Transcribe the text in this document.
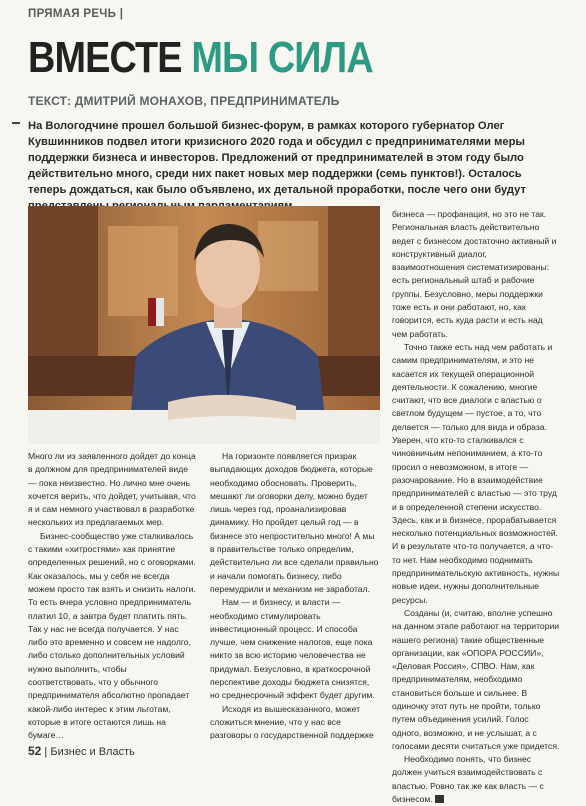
ПРЯМАЯ РЕЧЬ |
ВМЕСТЕ МЫ СИЛА
ТЕКСТ: ДМИТРИЙ МОНАХОВ, ПРЕДПРИНИМАТЕЛЬ
На Вологодчине прошел большой бизнес-форум, в рамках которого губернатор Олег Кувшинников подвел итоги кризисного 2020 года и обсудил с предпринимателями меры поддержки бизнеса и инвесторов. Предложений от предпринимателей в этом году было действительно много, среди них пакет новых мер поддержки (семь пунктов!). Осталось теперь дождаться, как было объявлено, их детальной проработки, после чего они будут

Много ли из заявленного дойдет до конца в должном для предпринимателей виде — пока неизвестно. Но лично мне очень хочется верить, что дойдет, учитывая, что я и сам немного участвовал в разработке нескольких из предлагаемых мер.

Бизнес-сообщество уже сталкивалось с такими «хитростями» как принятие определенных решений, но с оговорками. Как оказалось, мы у себя не всегда можем просто так взять и снизить налоги. То есть вчера условно предприниматель платил 10, а завтра будет платить пять. Так у нас не всегда получается. У нас либо это временно и совсем не надолго, либо столько дополнительных условий нужно выполнить, чтобы соответствовать, что у обычного предпринимателя абсолютно пропадает какой-либо интерес к этим льготам, которые в итоге остаются лишь на бумаге…

На горизонте появляется призрак выпадающих доходов бюджета, которые необходимо обосновать. Проверить, мешают ли оговорки делу, можно будет лишь через год, проанализировав динамику. Но пройдет целый год — в бизнесе это непростительно много! А мы в правительстве только определим, действительно ли все сделали правильно и начали помогать бизнесу, либо перемудрили и механизм не заработал.

Нам — и бизнесу, и власти — необходимо стимулировать инвестиционный процесс. И способа лучше, чем снижение налогов, еще пока никто за всю историю человечества не придумал. Безусловно, в краткосрочной перспективе доходы бюджета снизятся, но среднесрочный эффект будет другим.

Исходя из вышесказанного, может сложиться мнение, что у нас все разговоры о государственной поддержке

бизнеса — профанация, но это не так. Региональная власть действительно ведет с бизнесом достаточно активный и конструктивный диалог, взаимоотношения систематизированы: есть региональный штаб и рабочие группы. Безусловно, меры поддержки тоже есть и они работают, но, как говорится, есть куда расти и есть над чем работать.

Точно также есть над чем работать и самим предпринимателям, и это не касается их текущей операционной деятельности. К сожалению, многие считают, что все диалоги с властью о светлом будущем — пустое, а то, что делается — только для вида и образа. Уверен, что кто-то сталкивался с чиновничьим непониманием, а кто-то просил о невозможном, в итоге — разочарование. Но в взаимодействие предпринимателей с властью — это труд и в определенной степени искусство. Здесь, как и в бизнесе, прорабатывается несколько потенциальных возможностей. И в результате что-то получается, а что-то нет. Нам необходимо поднимать предпринимательскую активность, нужны новые идеи, нужны дополнительные ресурсы.

Созданы (и, считаю, вполне успешно на данном этапе работают на территории нашего региона) такие общественные организации, как «ОПОРА РОССИИ», «Деловая Россия», СПВО. Нам, как предпринимателям, необходимо становиться больше и сильнее. В одиночку этот путь не пройти, только путем объединения усилий. Голос одного, возможно, и не услышат, а с голосами десяти считаться уже придется.

Необходимо понять, что бизнес должен учиться взаимодействовать с властью. Ровно так же как власть — с бизнесом.

52 | Бизнес и Власть
